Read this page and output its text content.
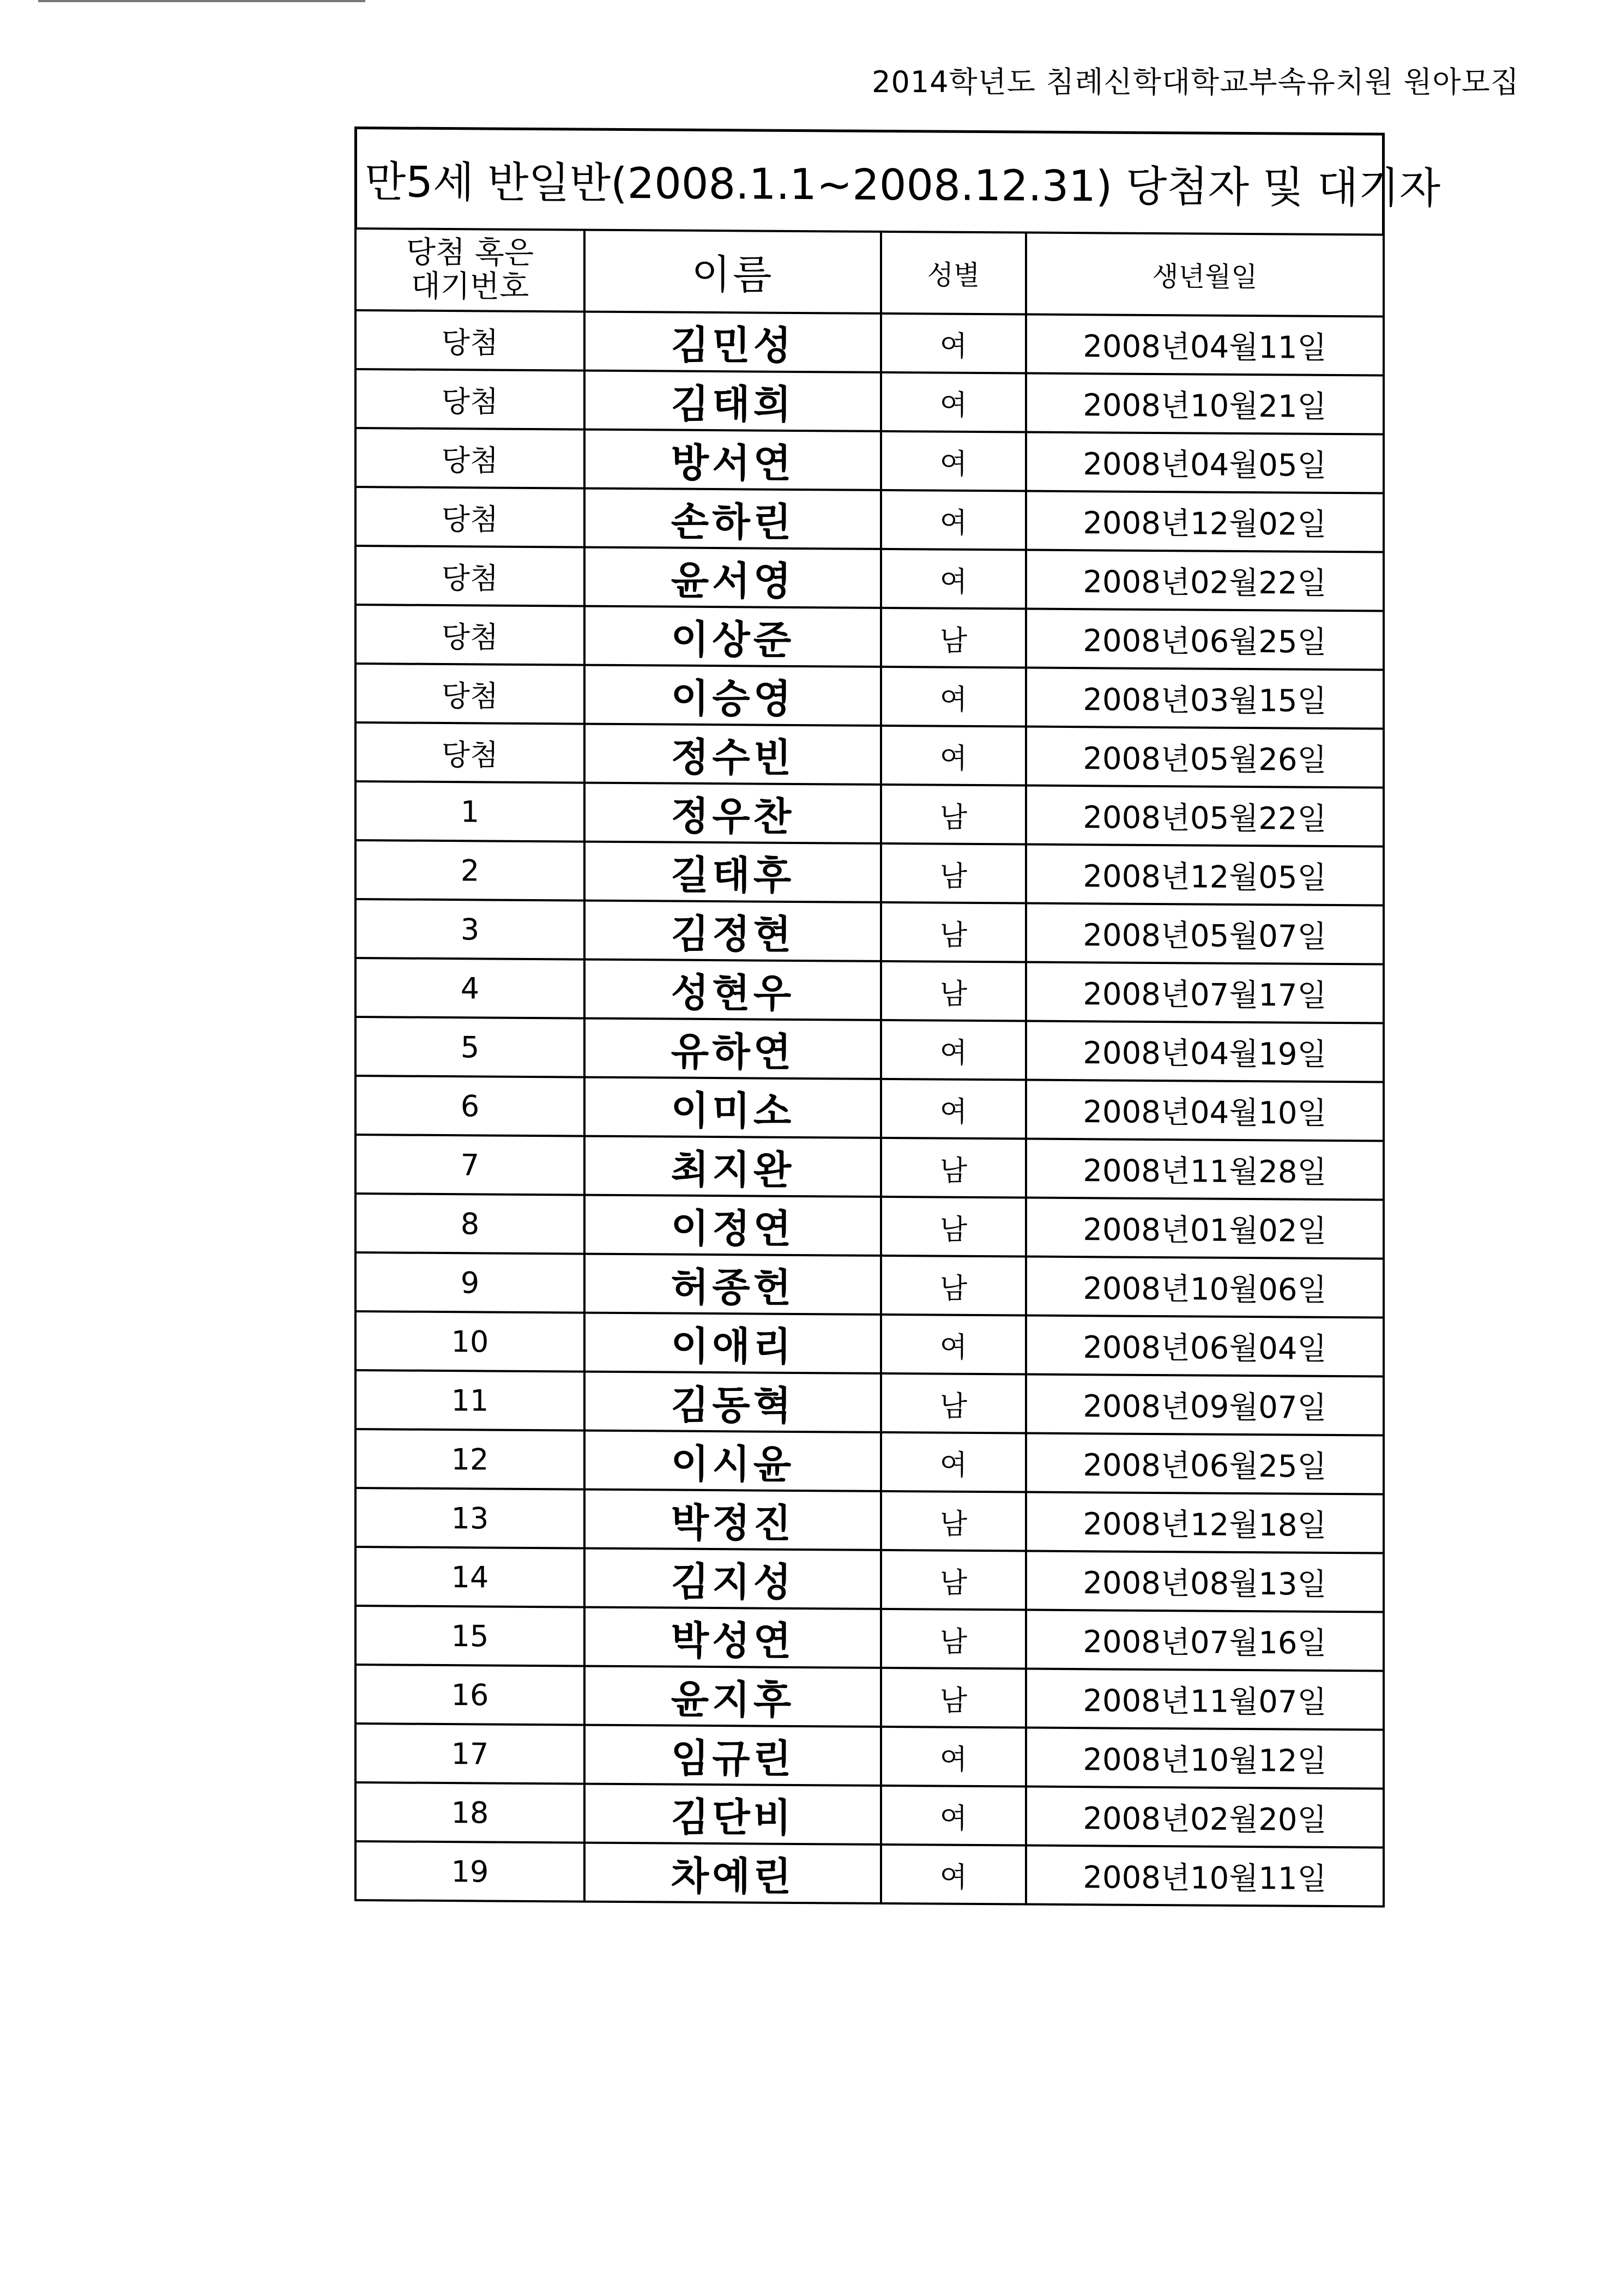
2014학년도 침례신학대학교부속유치원 원아모집
만5세 반일반(2008.1.1~2008.12.31) 당첨자 및 대기자
당첨 혹은
대기번호	이름	성별	생년월일
당첨	김민성	여	2008년04월11일
당첨	김태희	여	2008년10월21일
당첨	방서연	여	2008년04월05일
당첨	손하린	여	2008년12월02일
당첨	윤서영	여	2008년02월22일
당첨	이상준	남	2008년06월25일
당첨	이승영	여	2008년03월15일
당첨	정수빈	여	2008년05월26일
1	정우찬	남	2008년05월22일
2	길태후	남	2008년12월05일
3	김정현	남	2008년05월07일
4	성현우	남	2008년07월17일
5	유하연	여	2008년04월19일
6	이미소	여	2008년04월10일
7	최지완	남	2008년11월28일
8	이정연	남	2008년01월02일
9	허종헌	남	2008년10월06일
10	이애리	여	2008년06월04일
11	김동혁	남	2008년09월07일
12	이시윤	여	2008년06월25일
13	박정진	남	2008년12월18일
14	김지성	남	2008년08월13일
15	박성연	남	2008년07월16일
16	윤지후	남	2008년11월07일
17	임규린	여	2008년10월12일
18	김단비	여	2008년02월20일
19	차예린	여	2008년10월11일
